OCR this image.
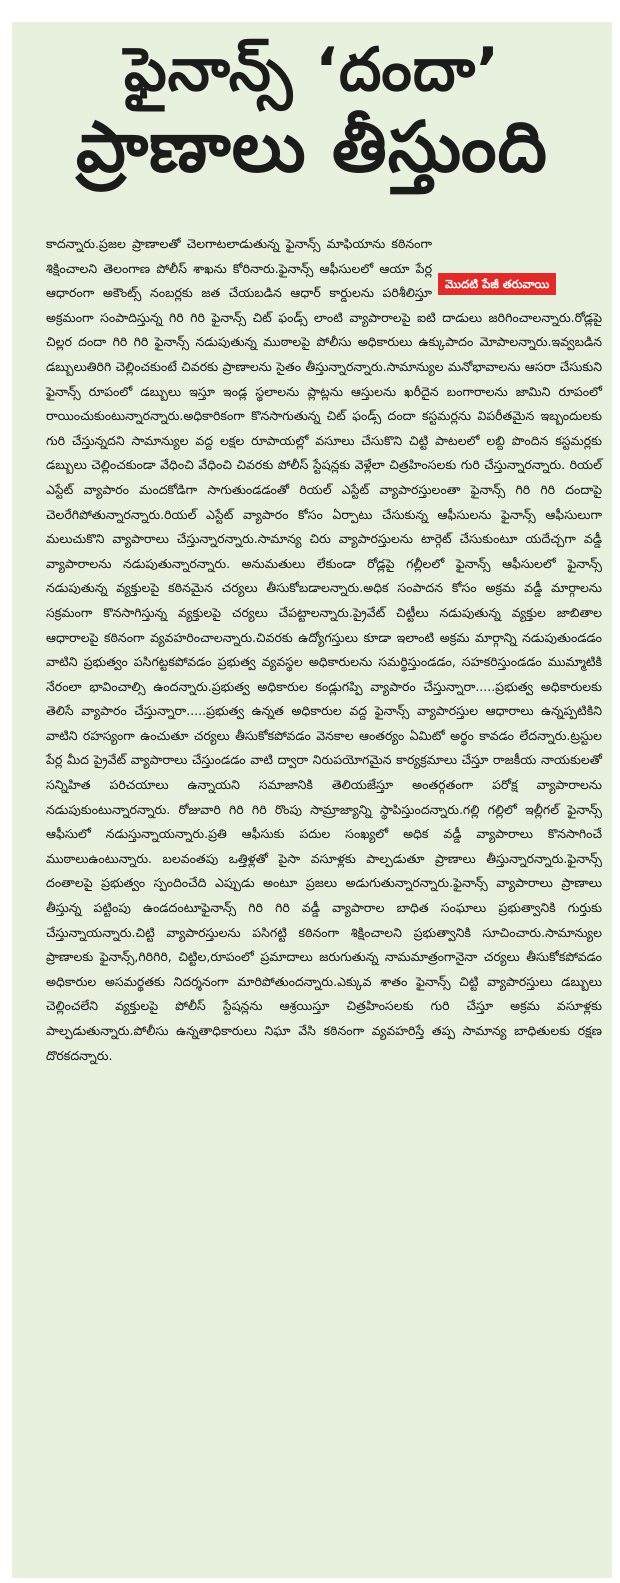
ఫైనాన్స్ ‘దందా’
ప్రాణాలు తీస్తుంది
కాదన్నారు.ప్రజల ప్రాణాలతో చెలగాటలాడుతున్న ఫైనాన్స్ మాఫియాను కఠినంగా శిక్షించాలని తెలంగాణ పోలీస్ శాఖను కోరినారు.ఫైనాన్స్ ఆఫీసులలో ఆయా పేర్ల ఆధారంగా అకౌంట్స్ నంబర్లకు జత చేయబడిన ఆధార్ కార్డులను పరిశీలిస్తూ అక్రమంగా సంపాదిస్తున్న గిరి గిరి ఫైనాన్స్ చిట్ ఫండ్స్ లాంటి వ్యాపారాలపై ఐటి దాడులు జరిగించాలన్నారు.రోడ్లపై చిల్లర దందా గిరి గిరి ఫైనాన్స్ నడుపుతున్న ముఠాలపై పోలీసు అధికారులు ఉక్కుపాదం మోపాలన్నారు.ఇవ్వబడిన డబ్బులుతిరిగి చెల్లించకుంటే చివరకు ప్రాణాలను సైతం తీస్తున్నారన్నారు.సామాన్యుల మనోభావాలను ఆసరా చేసుకుని ఫైనాన్స్ రూపంలో డబ్బులు ఇస్తూ ఇండ్ల స్థలాలను ప్లాట్లను ఆస్తులను ఖరీదైన బంగారాలను జామిని రూపంలో రాయించుకుంటున్నారన్నారు.అధికారికంగా కొనసాగుతున్న చిట్ ఫండ్స్ దందా కస్టమర్లను విపరీతమైన ఇబ్బందులకు గురి చేస్తున్నదని సామాన్యుల వద్ద లక్షల రూపాయల్లో వసూలు చేసుకొని చిట్టి పాటలలో లబ్ది పొందిన కస్టమర్లకు డబ్బులు చెల్లించకుండా వేధించి వేధించి చివరకు పోలీస్ స్టేషన్లకు వెళ్లేలా చిత్రహింసలకు గురి చేస్తున్నారన్నారు. రియల్ ఎస్టేట్ వ్యాపారం మందకోడిగా సాగుతుండడంతో రియల్ ఎస్టేట్ వ్యాపారస్తులంతా ఫైనాన్స్ గిరి గిరి దందాపై చెలరేగిపోతున్నారన్నారు.రియల్ ఎస్టేట్ వ్యాపారం కోసం ఏర్పాటు చేసుకున్న ఆఫీసులను ఫైనాన్స్ ఆఫీసులుగా మలుచుకొని వ్యాపారాలు చేస్తున్నారన్నారు.సామాన్య చిరు వ్యాపారస్తులను టార్గెట్ చేసుకుంటూ యదేచ్చగా వడ్డీ వ్యాపారాలను నడుపుతున్నారన్నారు. అనుమతులు లేకుండా రోడ్లపై గల్లీలలో ఫైనాన్స్ ఆఫీసులలో ఫైనాన్స్ నడుపుతున్న వ్యక్తులపై కఠినమైన చర్యలు తీసుకోబడాలన్నారు.అధిక సంపాదన కోసం అక్రమ వడ్డీ మార్గాలను సక్రమంగా కొనసాగిస్తున్న వ్యక్తులపై చర్యలు చేపట్టాలన్నారు.ప్రైవేట్ చిట్టీలు నడుపుతున్న వ్యక్తుల జాబితాల ఆధారాలపై కఠినంగా వ్యవహరించాలన్నారు.చివరకు ఉద్యోగస్తులు కూడా ఇలాంటి అక్రమ మార్గాన్ని నడుపుతుండడం వాటిని ప్రభుత్వం పసిగట్టకపోవడం ప్రభుత్వ వ్యవస్థల అధికారులను సమర్థిస్తుండడం, సహకరిస్తుండడం ముమ్మాటికి నేరంలా భావించాల్సి ఉందన్నారు.ప్రభుత్వ అధికారుల కండ్లుగప్పి వ్యాపారం చేస్తున్నారా.....ప్రభుత్వ అధికారులకు తెలిసే వ్యాపారం చేస్తున్నారా.....ప్రభుత్వ ఉన్నత అధికారుల వద్ద ఫైనాన్స్ వ్యాపారస్తుల ఆధారాలు ఉన్నప్పటికిని వాటిని రహస్యంగా ఉంచుతూ చర్యలు తీసుకోకపోవడం వెనకాల ఆంతర్యం ఏమిటో అర్థం కావడం లేదన్నారు.ట్రస్టుల పేర్ల మీద ప్రైవేట్ వ్యాపారాలు చేస్తుండడం వాటి ద్వారా నిరుపయోగమైన కార్యక్రమాలు చేస్తూ రాజకీయ నాయకులతో సన్నిహిత పరిచయాలు ఉన్నాయని సమాజానికి తెలియజేస్తూ అంతర్గతంగా పరోక్ష వ్యాపారాలను నడుపుకుంటున్నారన్నారు. రోజువారి గిరి గిరి రొంపు సామ్రాజ్యాన్ని స్థాపిస్తుందన్నారు.గల్లి గల్లిలో ఇల్లీగల్ ఫైనాన్స్ ఆఫీసులో నడుస్తున్నాయన్నారు.ప్రతి ఆఫీసుకు పదుల సంఖ్యలో అధిక వడ్డీ వ్యాపారాలు కొనసాగించే ముఠాలుఉంటున్నారు. బలవంతపు ఒత్తిళ్లతో పైసా వసూళ్లకు పాల్పడుతూ ప్రాణాలు తీస్తున్నారన్నారు.ఫైనాన్స్ దంతాలపై ప్రభుత్వం స్పందించేది ఎప్పుడు అంటూ ప్రజలు అడుగుతున్నారన్నారు.ఫైనాన్స్ వ్యాపారాలు ప్రాణాలు తీస్తున్న పట్టింపు ఉండదంటూఫైనాన్స్ గిరి గిరి వడ్డీ వ్యాపారాల బాధిత సంఘాలు ప్రభుత్వానికి గుర్తుకు చేస్తున్నాయన్నారు.చిట్టి వ్యాపారస్తులను పసిగట్టి కఠినంగా శిక్షించాలని ప్రభుత్వానికి సూచించారు.సామాన్యుల ప్రాణాలకు ఫైనాన్స్,గిరిగిరి, చిట్టిల,రూపంలో ప్రమాదాలు జరుగుతున్న నామమాత్రంగానైనా చర్యలు తీసుకోకపోవడం అధికారుల అసమర్థతకు నిదర్శనంగా మారిపోతుందన్నారు.ఎక్కువ శాతం ఫైనాన్స్ చిట్టి వ్యాపారస్తులు డబ్బులు చెల్లించలేని వ్యక్తులపై పోలీస్ స్టేషన్లను ఆశ్రయిస్తూ చిత్రహింసలకు గురి చేస్తూ అక్రమ వసూళ్లకు పాల్పడుతున్నారు.పోలీసు ఉన్నతాధికారులు నిఘా వేసి కఠినంగా వ్యవహరిస్తే తప్ప సామాన్య బాధితులకు రక్షణ దొరకదన్నారు.
మొదటి పేజీ తరువాయి
